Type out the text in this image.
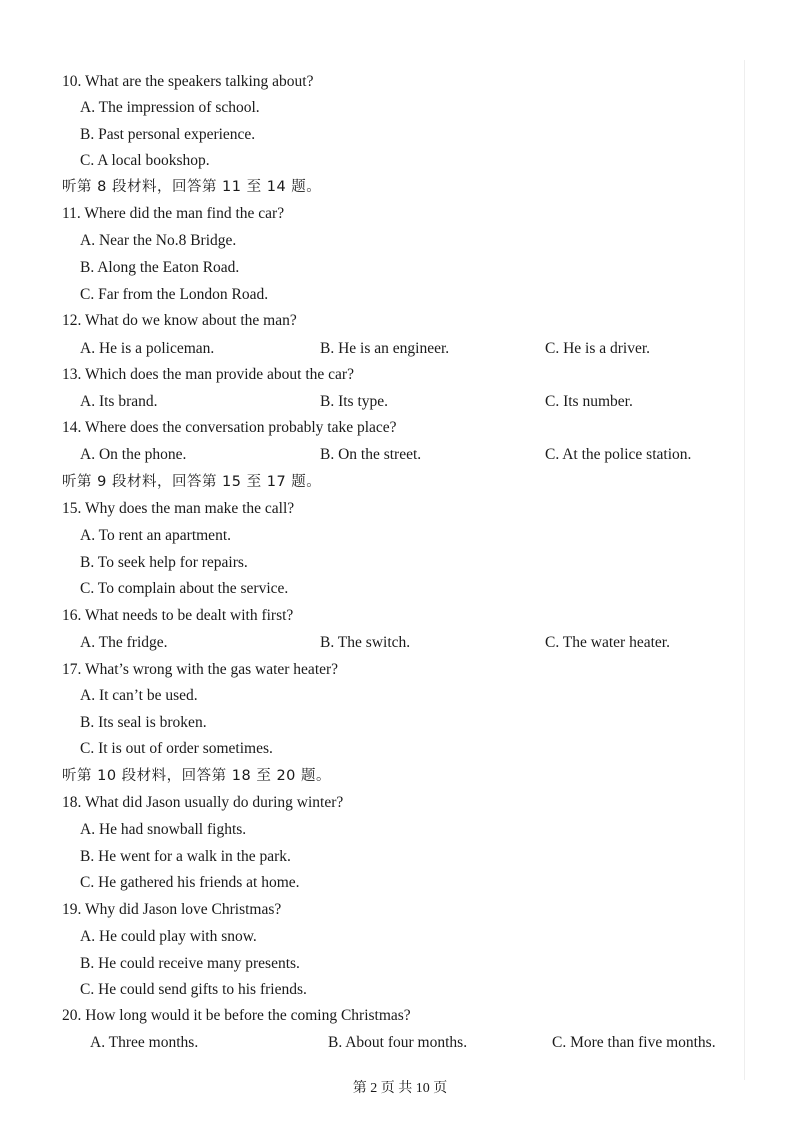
10. What are the speakers talking about?
A. The impression of school.
B. Past personal experience.
C. A local bookshop.
听第 8 段材料，回答第 11 至 14 题。
11. Where did the man find the car?
A. Near the No.8 Bridge.
B. Along the Eaton Road.
C. Far from the London Road.
12. What do we know about the man?
A. He is a policeman.	B. He is an engineer.	C. He is a driver.
13. Which does the man provide about the car?
A. Its brand.	B. Its type.	C. Its number.
14. Where does the conversation probably take place?
A. On the phone.	B. On the street.	C. At the police station.
听第 9 段材料，回答第 15 至 17 题。
15. Why does the man make the call?
A. To rent an apartment.
B. To seek help for repairs.
C. To complain about the service.
16. What needs to be dealt with first?
A. The fridge.	B. The switch.	C. The water heater.
17. What’s wrong with the gas water heater?
A. It can’t be used.
B. Its seal is broken.
C. It is out of order sometimes.
听第 10 段材料，回答第 18 至 20 题。
18. What did Jason usually do during winter?
A. He had snowball fights.
B. He went for a walk in the park.
C. He gathered his friends at home.
19. Why did Jason love Christmas?
A. He could play with snow.
B. He could receive many presents.
C. He could send gifts to his friends.
20. How long would it be before the coming Christmas?
A. Three months.	B. About four months.	C. More than five months.
第 2 页 共 10 页
